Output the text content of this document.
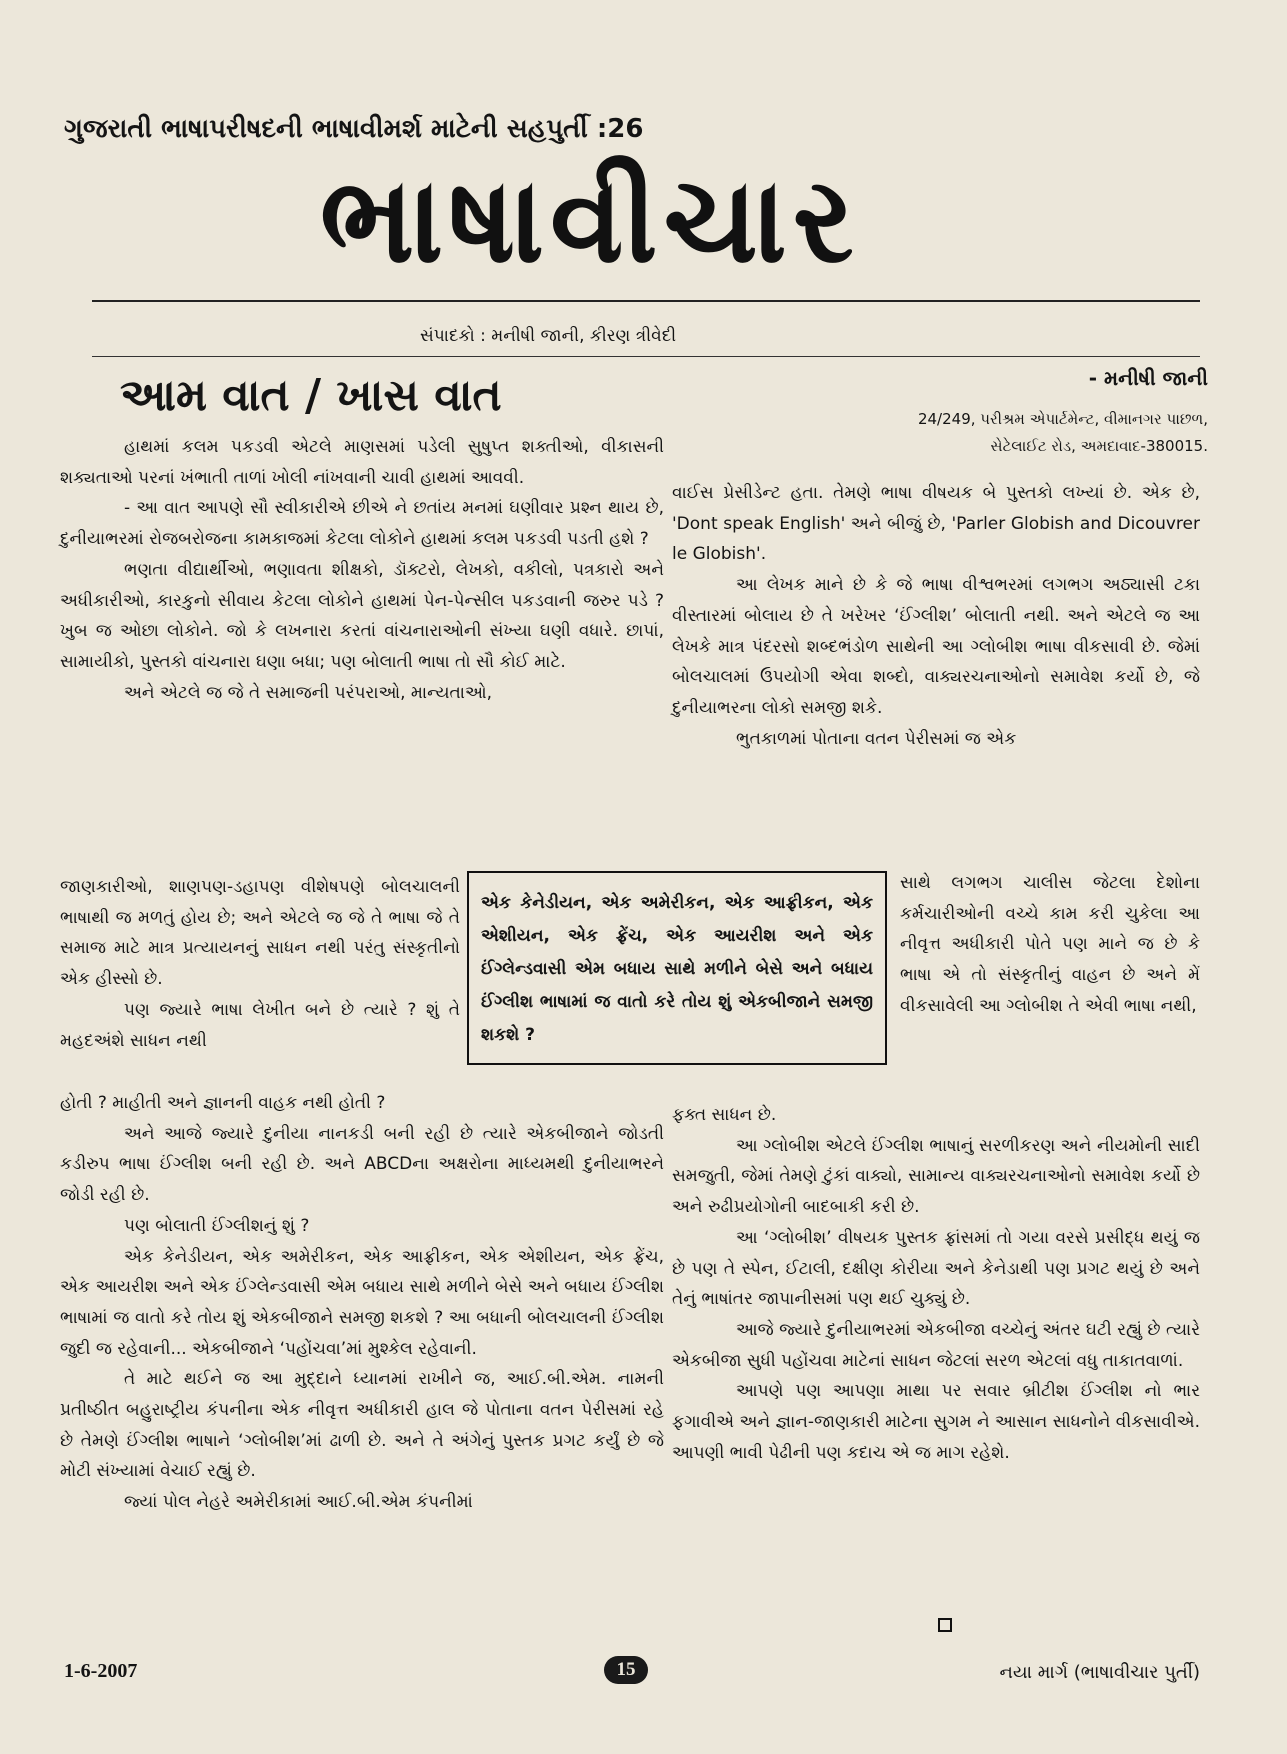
ગુજરાતી ભાષાપરીષદની ભાષાવીમર્શ માટેની સહપુર્તી :26
ભાષાવીચાર
સંપાદકો : મનીષી જાની, કીરણ ત્રીવેદી
આમ વાત / ખાસ વાત	- મનીષી જાની
24/249, પરીશ્રમ એપાર્ટમેન્ટ, વીમાનગર પાછળ,
સેટેલાઈટ રોડ, અમદાવાદ-380015.

હાથમાં કલમ પકડવી એટલે માણસમાં પડેલી સુષુપ્ત શક્તીઓ, વીકાસની શક્યતાઓ પરનાં ખંભાતી તાળાં ખોલી નાંખવાની ચાવી હાથમાં આવવી.

- આ વાત આપણે સૌ સ્વીકારીએ છીએ ને છતાંય મનમાં ઘણીવાર પ્રશ્ન થાય છે, દુનીયાભરમાં રોજબરોજના કામકાજમાં કેટલા લોકોને હાથમાં કલમ પકડવી પડતી હશે ?

ભણતા વીદ્યાર્થીઓ, ભણાવતા શીક્ષકો, ડૉક્ટરો, લેખકો, વકીલો, પત્રકારો અને અધીકારીઓ, કારકુનો સીવાય કેટલા લોકોને હાથમાં પેન-પેન્સીલ પકડવાની જરુર પડે ? ખુબ જ ઓછા લોકોને. જો કે લખનારા કરતાં વાંચનારાઓની સંખ્યા ઘણી વધારે. છાપાં, સામાયીકો, પુસ્તકો વાંચનારા ઘણા બધા; પણ બોલાતી ભાષા તો સૌ કોઈ માટે.

અને એટલે જ જે તે સમાજની પરંપરાઓ, માન્યતાઓ,

જાણકારીઓ, શાણપણ-ડહાપણ વીશેષપણે બોલચાલની ભાષાથી જ મળતું હોય છે; અને એટલે જ જે તે ભાષા જે તે સમાજ માટે માત્ર પ્રત્યાયનનું સાધન નથી પરંતુ સંસ્કૃતીનો એક હીસ્સો છે.

પણ જ્યારે ભાષા લેખીત બને છે ત્યારે ? શું તે મહદઅંશે સાધન નથી

હોતી ? માહીતી અને જ્ઞાનની વાહક નથી હોતી ?

અને આજે જ્યારે દુનીયા નાનકડી બની રહી છે ત્યારે એકબીજાને જોડતી કડીરુપ ભાષા ઈંગ્લીશ બની રહી છે. અને ABCDના અક્ષરોના માધ્યમથી દુનીયાભરને જોડી રહી છે.

પણ બોલાતી ઈંગ્લીશનું શું ?

એક કેનેડીયન, એક અમેરીકન, એક આફ્રીકન, એક એશીયન, એક ફ્રેંચ, એક આયરીશ અને એક ઈંગ્લેન્ડવાસી એમ બધાય સાથે મળીને બેસે અને બધાય ઈંગ્લીશ ભાષામાં જ વાતો કરે તોય શું એકબીજાને સમજી શકશે ? આ બધાની બોલચાલની ઈંગ્લીશ જુદી જ રહેવાની... એકબીજાને ‘પહોંચવા’માં મુશ્કેલ રહેવાની.

તે માટે થઈને જ આ મુદ્દાને ધ્યાનમાં રાખીને જ, આઈ.બી.એમ. નામની પ્રતીષ્ઠીત બહુરાષ્ટ્રીય કંપનીના એક નીવૃત્ત અધીકારી હાલ જે પોતાના વતન પેરીસમાં રહે છે તેમણે ઈંગ્લીશ ભાષાને ‘ગ્લોબીશ’માં ઢાળી છે. અને તે અંગેનું પુસ્તક પ્રગટ કર્યું છે જે મોટી સંખ્યામાં વેચાઈ રહ્યું છે.

જ્યાં પોલ નેહરે અમેરીકામાં આઈ.બી.એમ કંપનીમાં

વાઈસ પ્રેસીડેન્ટ હતા. તેમણે ભાષા વીષયક બે પુસ્તકો લખ્યાં છે. એક છે, 'Dont speak English' અને બીજું છે, 'Parler Globish and Dicouvrer le Globish'.

આ લેખક માને છે કે જે ભાષા વીશ્વભરમાં લગભગ અઠ્યાસી ટકા વીસ્તારમાં બોલાય છે તે ખરેખર ‘ઈંગ્લીશ’ બોલાતી નથી. અને એટલે જ આ લેખકે માત્ર પંદરસો શબ્દભંડોળ સાથેની આ ગ્લોબીશ ભાષા વીકસાવી છે. જેમાં બોલચાલમાં ઉપયોગી એવા શબ્દો, વાક્યરચનાઓનો સમાવેશ કર્યો છે, જે દુનીયાભરના લોકો સમજી શકે.

ભુતકાળમાં પોતાના વતન પેરીસમાં જ એક

સાથે લગભગ ચાલીસ જેટલા દેશોના કર્મચારીઓની વચ્ચે કામ કરી ચુકેલા આ નીવૃત્ત અધીકારી પોતે પણ માને જ છે કે ભાષા એ તો સંસ્કૃતીનું વાહન છે અને મેં વીકસાવેલી આ ગ્લોબીશ તે એવી ભાષા નથી,

ફક્ત સાધન છે.

આ ગ્લોબીશ એટલે ઈંગ્લીશ ભાષાનું સરળીકરણ અને નીયમોની સાદી સમજુતી, જેમાં તેમણે ટુંકાં વાક્યો, સામાન્ય વાક્યરચનાઓનો સમાવેશ કર્યો છે અને રુઢીપ્રયોગોની બાદબાકી કરી છે.

આ ‘ગ્લોબીશ’ વીષયક પુસ્તક ફ્રાંસમાં તો ગયા વરસે પ્રસીદ્ધ થયું જ છે પણ તે સ્પેન, ઈટાલી, દક્ષીણ કોરીયા અને કેનેડાથી પણ પ્રગટ થયું છે અને તેનું ભાષાંતર જાપાનીસમાં પણ થઈ ચુક્યું છે.

આજે જ્યારે દુનીયાભરમાં એકબીજા વચ્ચેનું અંતર ઘટી રહ્યું છે ત્યારે એકબીજા સુધી પહોંચવા માટેનાં સાધન જેટલાં સરળ એટલાં વધુ તાકાતવાળાં.

આપણે પણ આપણા માથા પર સવાર બ્રીટીશ ઈંગ્લીશ નો ભાર ફગાવીએ અને જ્ઞાન-જાણકારી માટેના સુગમ ને આસાન સાધનોને વીકસાવીએ. આપણી ભાવી પેઢીની પણ કદાચ એ જ માગ રહેશે.

એક કેનેડીયન, એક અમેરીકન, એક આફ્રીકન, એક એશીયન, એક ફ્રેંચ, એક આયરીશ અને એક ઈંગ્લેન્ડવાસી એમ બધાય સાથે મળીને બેસે અને બધાય ઈંગ્લીશ ભાષામાં જ વાતો કરે તોય શું એકબીજાને સમજી શકશે ?
1-6-2007	15	નયા માર્ગ (ભાષાવીચાર પુર્તી)
